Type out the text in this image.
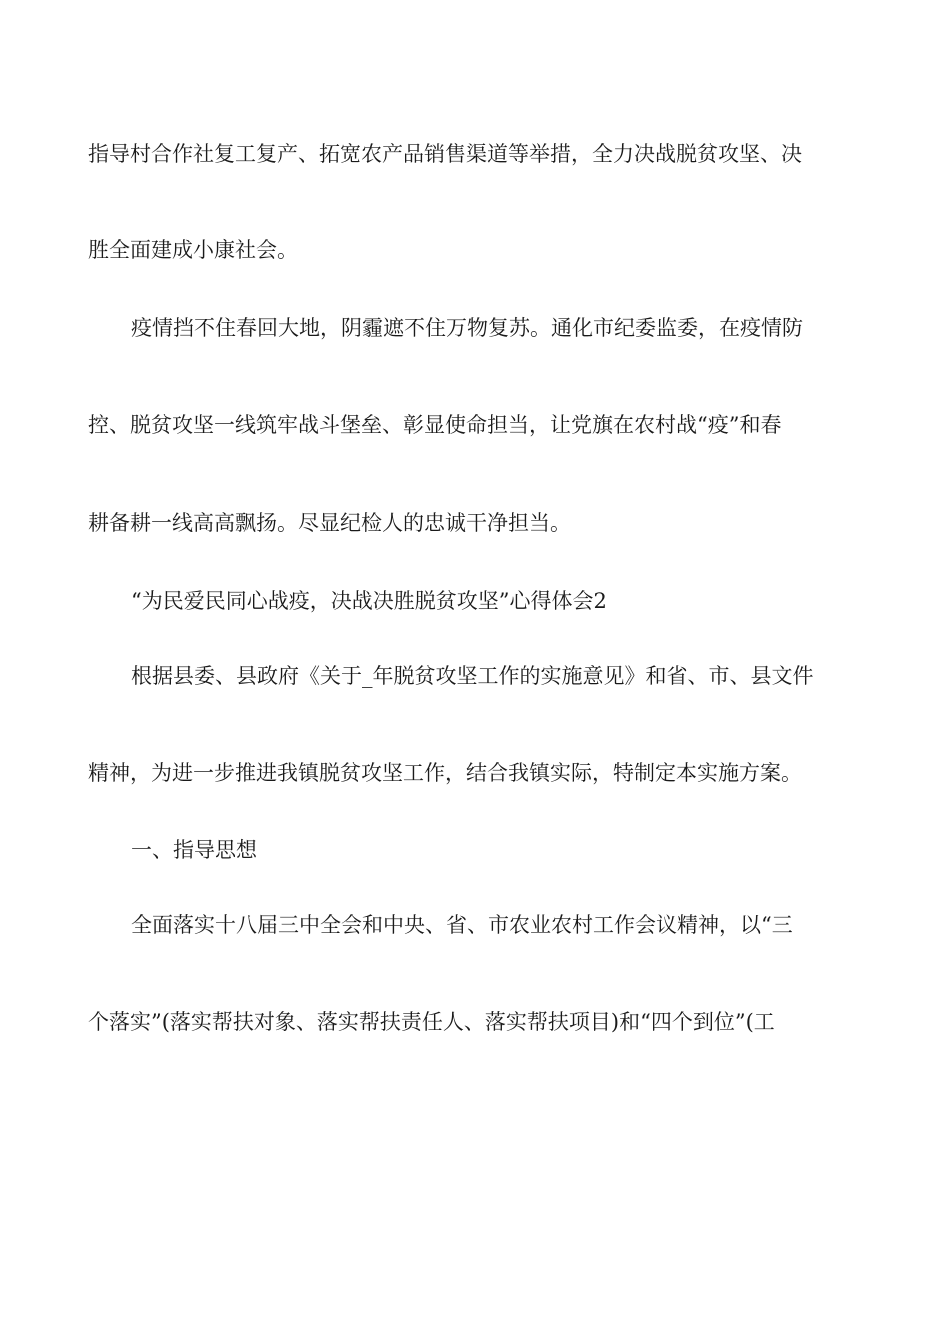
指导村合作社复工复产、拓宽农产品销售渠道等举措，全力决战脱贫攻坚、决
胜全面建成小康社会。
疫情挡不住春回大地，阴霾遮不住万物复苏。通化市纪委监委，在疫情防
控、脱贫攻坚一线筑牢战斗堡垒、彰显使命担当，让党旗在农村战“疫”和春
耕备耕一线高高飘扬。尽显纪检人的忠诚干净担当。
“为民爱民同心战疫，决战决胜脱贫攻坚”心得体会2
根据县委、县政府《关于_年脱贫攻坚工作的实施意见》和省、市、县文件
精神，为进一步推进我镇脱贫攻坚工作，结合我镇实际，特制定本实施方案。
一、指导思想
全面落实十八届三中全会和中央、省、市农业农村工作会议精神，以“三
个落实”(落实帮扶对象、落实帮扶责任人、落实帮扶项目)和“四个到位”(工
